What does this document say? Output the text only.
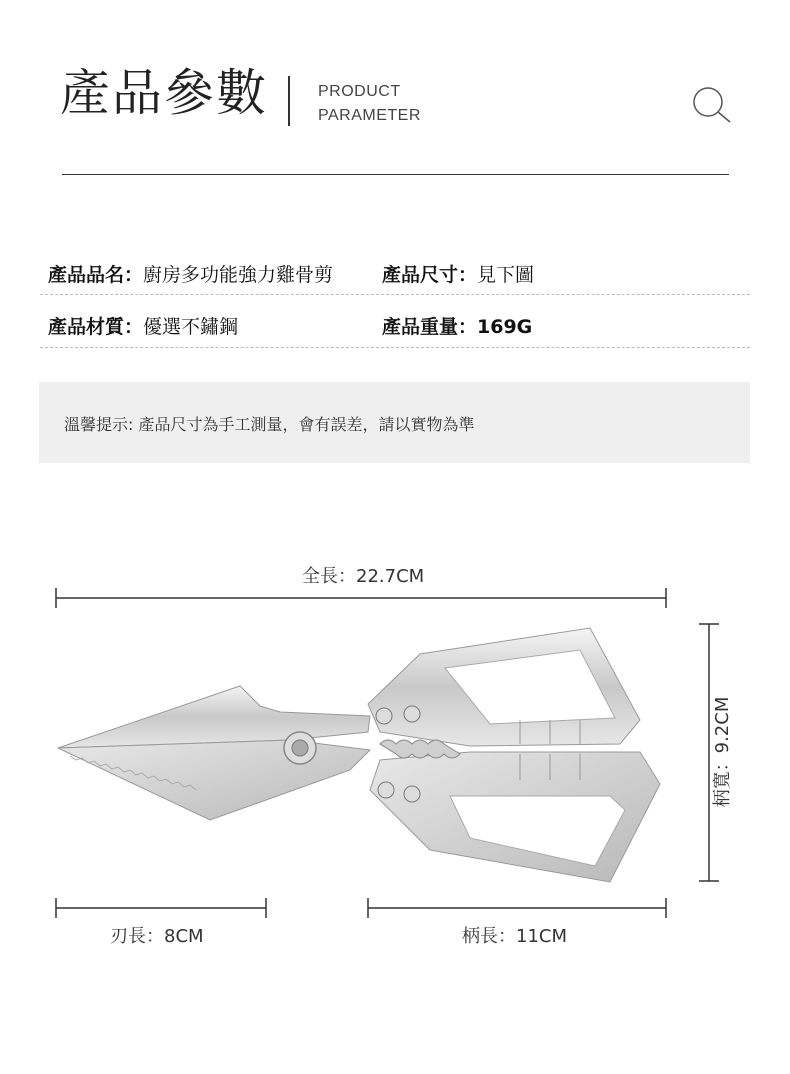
產品參數	PRODUCT
PARAMETER
產品品名：廚房多功能強力雞骨剪	產品尺寸：見下圖
產品材質：優選不鏽鋼	產品重量：169G
溫馨提示: 產品尺寸為手工測量，會有誤差，請以實物為準
全長：22.7CM
刃長：8CM	柄長：11CM
柄寬：9.2CM
